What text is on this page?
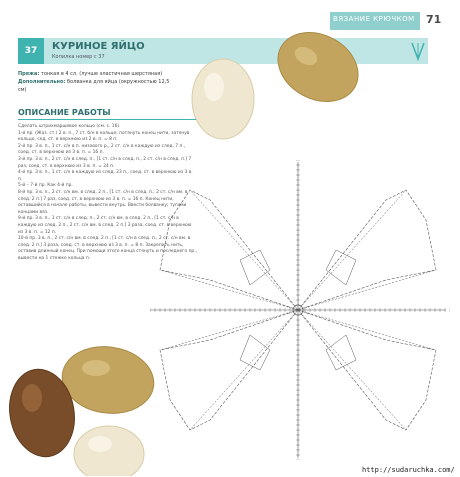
ВЯЗАНИЕ КРЮЧКОМ 71
37	КУРИНОЕ ЯЙЦО
Копилка номер с 37
Пряжа: тонкая в 4 сл. (лучше эластичная шерстяная)
Дополнительно: болванка для яйца (окружностью 12,5 см)
ОПИСАНИЕ РАБОТЫ

Сделать штрихмаршевое кольцо (см. с. 16).

1-й пр. (Жаз. ст.) 2 в. п., 7 ст. б/н в кольце; потянуть конец нити, затянув кольцо, сед. ст. в верхнюю из 2 в. п. = 8 п.

2-й пр. 3 в. п., 1 ст. с/н в п. низового р., 2 ст. с/н в каждую из след. 7 п., соед. ст. в верхнюю из 3 в. п. = 16 п.

3-й пр. 3 в. п., 2 ст. с/н в след. п., [1 ст. с/н в след. п., 2 ст. с/н в след. п.] 7 раз, соед. ст. в верхнюю из 3 в. п. = 24 п.

4-й пр. 3 в. п., 1 ст. с/н в каждую из след. 23 п., соед. ст. в верхнюю из 3 в. п.

5-й – 7-й пр. Как 4-й пр.

8-й пр. 3 в. п., 2 ст. с/н вм. в след. 2 п., [1 ст. с/н в след. п., 2 ст. с/н вм. в след. 2 п.] 7 раз, соед. ст. в верхнюю из 3 в. п. = 16 п. Конец нити, оставшийся в начале работы, вывести внутрь. Ввести болванку; тугими концами вяз.

9-й пр. 3 в. п., 1 ст. с/н в след. п., 2 ст. с/н вм. в след. 2 п., [1 ст. с/н в каждую из след. 2 п., 2 ст. с/н вм. в след. 2 п.] 3 раза, соед. ст. в верхнюю из 3 в. п. = 12 п.

10-й пр. 3 в. п., 2 ст. с/н вм. в след. 2 п., [1 ст. с/н в след. п., 2 ст. с/н вм. в след. 2 п.] 3 раза, соед. ст. в верхнюю из 3 в. п. = 8 п. Закрепить нить, оставив длинный конец. При помощи этого конца стянуть и последнего пр., вывести на 1 стежке кольца п.

http://sudaruchka.com/
